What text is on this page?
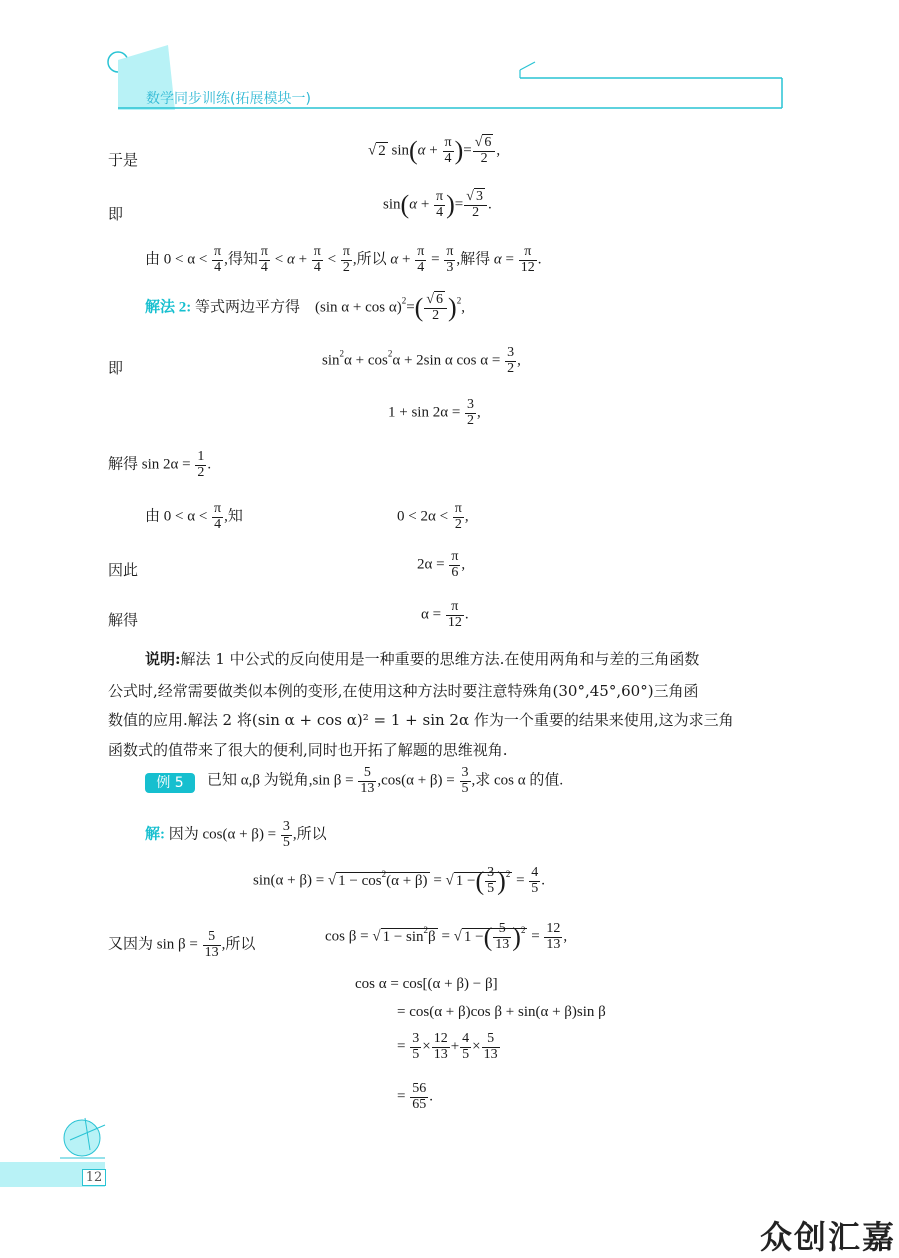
数学同步训练(拓展模块一)
于是
√ 2 $\sin(\alpha + \frac{\pi}{4}$ )= $\frac{√ 6}{2}$ ,
即
$\sin(\alpha + \frac{\pi}{4}$ )= $\frac{√ 3}{2}$ .
由 $0 < \alpha < \frac{\pi}{4}$ ,得知 $\frac{\pi}{4} < \alpha + \frac{\pi}{4} < \frac{\pi}{2}$ ,所以 $\alpha + \frac{\pi}{4} = \frac{\pi}{3}$ ,解得 $\alpha = \frac{\pi}{12}$ .
解法 2: 等式两边平方得 (sin $\alpha + \cos \alpha)^2=( \frac{√ 6}{2} )^2$,
即	$\sin^2\alpha + \cos^2\alpha + 2\sin$ α $\cos \alpha = \frac{3}{2}$ ,
$1 + \sin 2\alpha = \frac{3}{2}$ ,
解得 $\sin 2\alpha = \frac{1}{2}$ .
由 $0 < \alpha < \frac{\pi}{4}$ ,知	$0 < 2\alpha < \frac{\pi}{2}$ ,
因此	$2\alpha = \frac{\pi}{6}$ ,
解得	$\alpha = \frac{\pi}{12}$ .
说明:解法 1 中公式的反向使用是一种重要的思维方法.在使用两角和与差的三角函数
公式时,经常需要做类似本例的变形,在使用这种方法时要注意特殊角(30°,45°,60°)三角函
数值的应用.解法 2 将(sin α + cos α)² = 1 + sin 2α 作为一个重要的结果来使用,这为求三角
函数式的值带来了很大的便利,同时也开拓了解题的思维视角.
例 5	已知 α,β 为锐角,sin $\beta = \frac{5}{13} ,\cos(\alpha + \beta) = \frac{3}{5}$ ,求 cos α 的值.
解: 因为 $\cos(\alpha + \beta) = \frac{3}{5}$ ,所以
sin(α + β) = √ $1 - \cos^2(\alpha + \beta)$ = √ 1 −( $\frac{3}{5} )^2 = \frac{4}{5}$ .
又因为 $\sin \beta = \frac{5}{13}$ ,所以	cos β = √ $1 - \sin^2\beta$ = √ 1 −( $\frac{5}{13} )^2 = \frac{12}{13}$ ,
cos α = cos[(α + β) − β]
= cos(α + β)cos β + sin(α + β)sin β
= $\frac{3}{5} \times \frac{12}{13} + \frac{4}{5} \times \frac{5}{13}$
= $\frac{56}{65}$ .
12
众创汇嘉
